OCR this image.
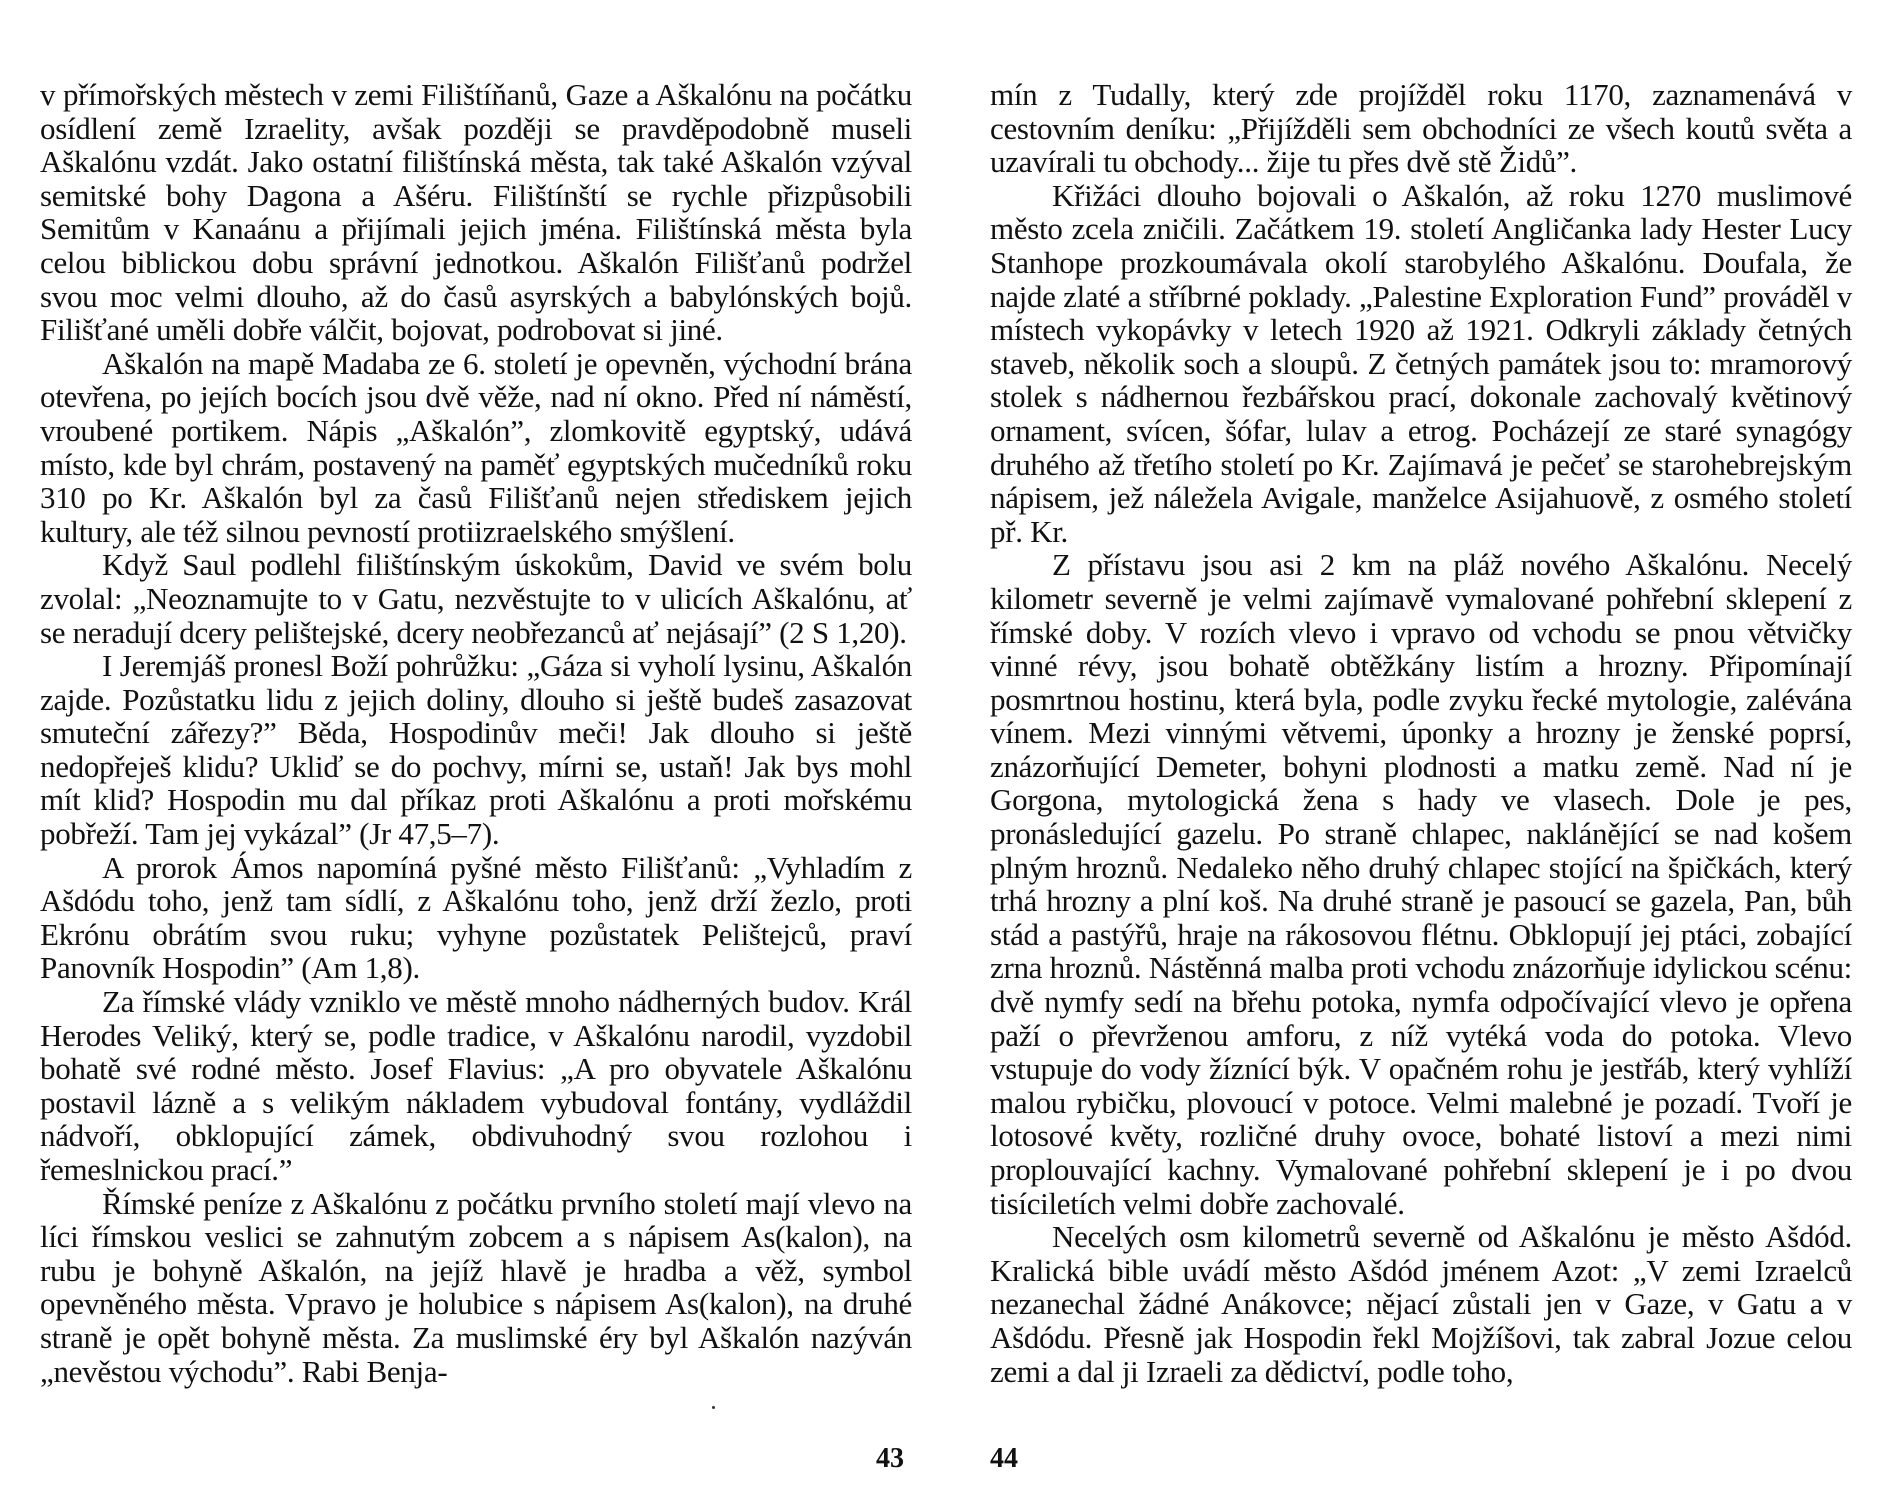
v přímořských městech v zemi Filištíňanů, Gaze a Aškalónu na počátku osídlení země Izraelity, avšak později se pravděpodobně museli Aškalónu vzdát. Jako ostatní filištínská města, tak také Aškalón vzýval semitské bohy Dagona a Ašéru. Filištínští se rychle přizpůsobili Semitům v Kanaánu a přijímali jejich jména. Filištínská města byla celou biblickou dobu správní jednotkou. Aškalón Filišťanů podržel svou moc velmi dlouho, až do časů asyrských a babylónských bojů. Filišťané uměli dobře válčit, bojovat, podrobovat si jiné.

Aškalón na mapě Madaba ze 6. století je opevněn, východní brána otevřena, po jejích bocích jsou dvě věže, nad ní okno. Před ní náměstí, vroubené portikem. Nápis „Aškalón”, zlomkovitě egyptský, udává místo, kde byl chrám, postavený na paměť egyptských mučedníků roku 310 po Kr. Aškalón byl za časů Filišťanů nejen střediskem jejich kultury, ale též silnou pevností protiizraelského smýšlení.

Když Saul podlehl filištínským úskokům, David ve svém bolu zvolal: „Neoznamujte to v Gatu, nezvěstujte to v ulicích Aškalónu, ať se neradují dcery pelištejské, dcery neobřezanců ať nejásají” (2 S 1,20).

I Jeremjáš pronesl Boží pohrůžku: „Gáza si vyholí lysinu, Aškalón zajde. Pozůstatku lidu z jejich doliny, dlouho si ještě budeš zasazovat smuteční zářezy?” Běda, Hospodinův meči! Jak dlouho si ještě nedopřeješ klidu? Ukliď se do pochvy, mírni se, ustaň! Jak bys mohl mít klid? Hospodin mu dal příkaz proti Aškalónu a proti mořskému pobřeží. Tam jej vykázal” (Jr 47,5–7).

A prorok Ámos napomíná pyšné město Filišťanů: „Vyhladím z Ašdódu toho, jenž tam sídlí, z Aškalónu toho, jenž drží žezlo, proti Ekrónu obrátím svou ruku; vyhyne pozůstatek Pelištejců, praví Panovník Hospodin” (Am 1,8).

Za římské vlády vzniklo ve městě mnoho nádherných budov. Král Herodes Veliký, který se, podle tradice, v Aškalónu narodil, vyzdobil bohatě své rodné město. Josef Flavius: „A pro obyvatele Aškalónu postavil lázně a s velikým nákladem vybudoval fontány, vydláždil nádvoří, obklopující zámek, obdivuhodný svou rozlohou i řemeslnickou prací.”

Římské peníze z Aškalónu z počátku prvního století mají vlevo na líci římskou veslici se zahnutým zobcem a s nápisem As(kalon), na rubu je bohyně Aškalón, na jejíž hlavě je hradba a věž, symbol opevněného města. Vpravo je holubice s nápisem As(kalon), na druhé straně je opět bohyně města. Za muslimské éry byl Aškalón nazýván „nevěstou východu”. Rabi Benja-

43

mín z Tudally, který zde projížděl roku 1170, zaznamenává v cestovním deníku: „Přijížděli sem obchodníci ze všech koutů světa a uzavírali tu obchody... žije tu přes dvě stě Židů”.

Křižáci dlouho bojovali o Aškalón, až roku 1270 muslimové město zcela zničili. Začátkem 19. století Angličanka lady Hester Lucy Stanhope prozkoumávala okolí starobylého Aškalónu. Doufala, že najde zlaté a stříbrné poklady. „Palestine Exploration Fund” prováděl v místech vykopávky v letech 1920 až 1921. Odkryli základy četných staveb, několik soch a sloupů. Z četných památek jsou to: mramorový stolek s nádhernou řezbářskou prací, dokonale zachovalý květinový ornament, svícen, šófar, lulav a etrog. Pocházejí ze staré synagógy druhého až třetího století po Kr. Zajímavá je pečeť se starohebrejským nápisem, jež náležela Avigale, manželce Asijahuově, z osmého století př. Kr.

Z přístavu jsou asi 2 km na pláž nového Aškalónu. Necelý kilometr severně je velmi zajímavě vymalované pohřební sklepení z římské doby. V rozích vlevo i vpravo od vchodu se pnou větvičky vinné révy, jsou bohatě obtěžkány listím a hrozny. Připomínají posmrtnou hostinu, která byla, podle zvyku řecké mytologie, zalévána vínem. Mezi vinnými větvemi, úponky a hrozny je ženské poprsí, znázorňující Demeter, bohyni plodnosti a matku země. Nad ní je Gorgona, mytologická žena s hady ve vlasech. Dole je pes, pronásledující gazelu. Po straně chlapec, naklánějící se nad košem plným hroznů. Nedaleko něho druhý chlapec stojící na špičkách, který trhá hrozny a plní koš. Na druhé straně je pasoucí se gazela, Pan, bůh stád a pastýřů, hraje na rákosovou flétnu. Obklopují jej ptáci, zobající zrna hroznů. Nástěnná malba proti vchodu znázorňuje idylickou scénu: dvě nymfy sedí na břehu potoka, nymfa odpočívající vlevo je opřena paží o převrženou amforu, z níž vytéká voda do potoka. Vlevo vstupuje do vody žíznící býk. V opačném rohu je jestřáb, který vyhlíží malou rybičku, plovoucí v potoce. Velmi malebné je pozadí. Tvoří je lotosové květy, rozličné druhy ovoce, bohaté listoví a mezi nimi proplouvající kachny. Vymalované pohřební sklepení je i po dvou tisíciletích velmi dobře zachovalé.

Necelých osm kilometrů severně od Aškalónu je město Ašdód. Kralická bible uvádí město Ašdód jménem Azot: „V zemi Izraelců nezanechal žádné Anákovce; nějací zůstali jen v Gaze, v Gatu a v Ašdódu. Přesně jak Hospodin řekl Mojžíšovi, tak zabral Jozue celou zemi a dal ji Izraeli za dědictví, podle toho,

44
